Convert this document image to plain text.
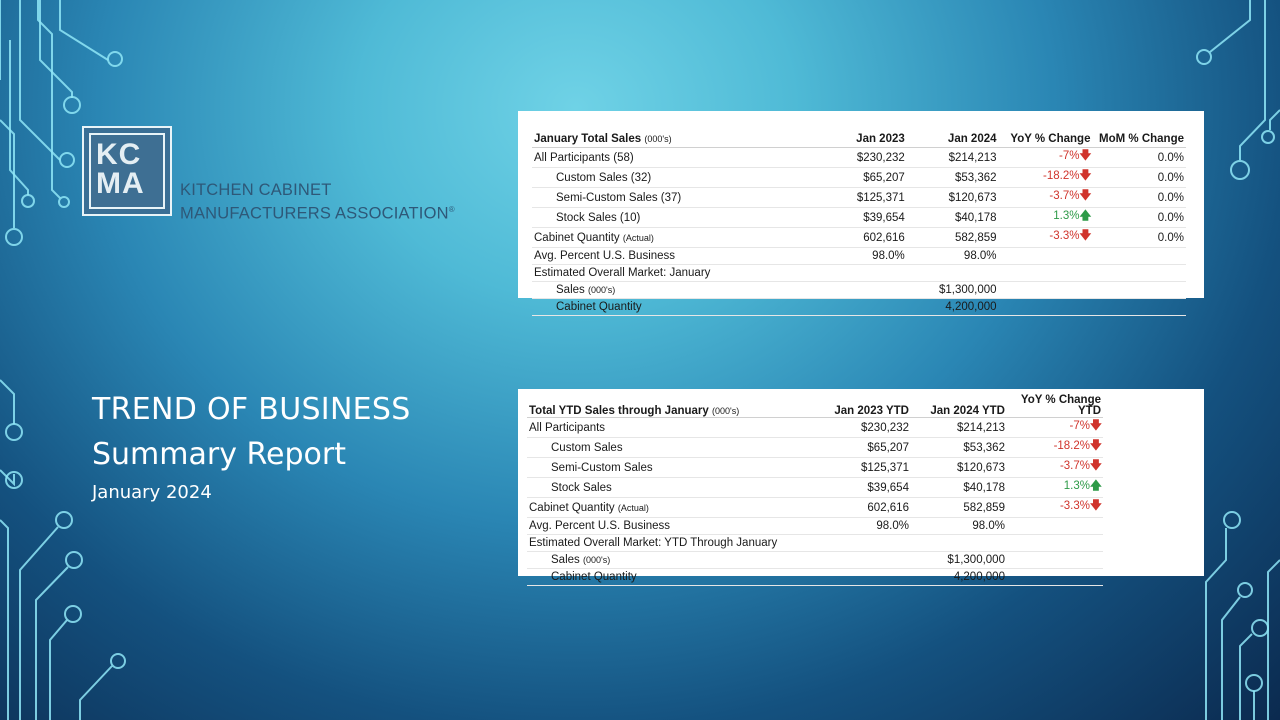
KC
MA	KITCHEN CABINET
MANUFACTURERS ASSOCIATION®
TREND OF BUSINESS
Summary Report
January 2024
January Total Sales (000's)	Jan 2023	Jan 2024	YoY % Change	MoM % Change
All Participants (58)	$230,232	$214,213	-7%🡇	0.0%
Custom Sales (32)	$65,207	$53,362	-18.2%🡇	0.0%
Semi-Custom Sales (37)	$125,371	$120,673	-3.7%🡇	0.0%
Stock Sales (10)	$39,654	$40,178	1.3%🡅	0.0%
Cabinet Quantity (Actual)	602,616	582,859	-3.3%🡇	0.0%
Avg. Percent U.S. Business	98.0%	98.0%		
Estimated Overall Market: January				
Sales (000's)		$1,300,000		
Cabinet Quantity		4,200,000		
Total YTD Sales through January (000's)	Jan 2023 YTD	Jan 2024 YTD	YoY % Change
YTD
All Participants	$230,232	$214,213	-7%🡇
Custom Sales	$65,207	$53,362	-18.2%🡇
Semi-Custom Sales	$125,371	$120,673	-3.7%🡇
Stock Sales	$39,654	$40,178	1.3%🡅
Cabinet Quantity (Actual)	602,616	582,859	-3.3%🡇
Avg. Percent U.S. Business	98.0%	98.0%	
Estimated Overall Market: YTD Through January			
Sales (000's)		$1,300,000	
Cabinet Quantity		4,200,000	
